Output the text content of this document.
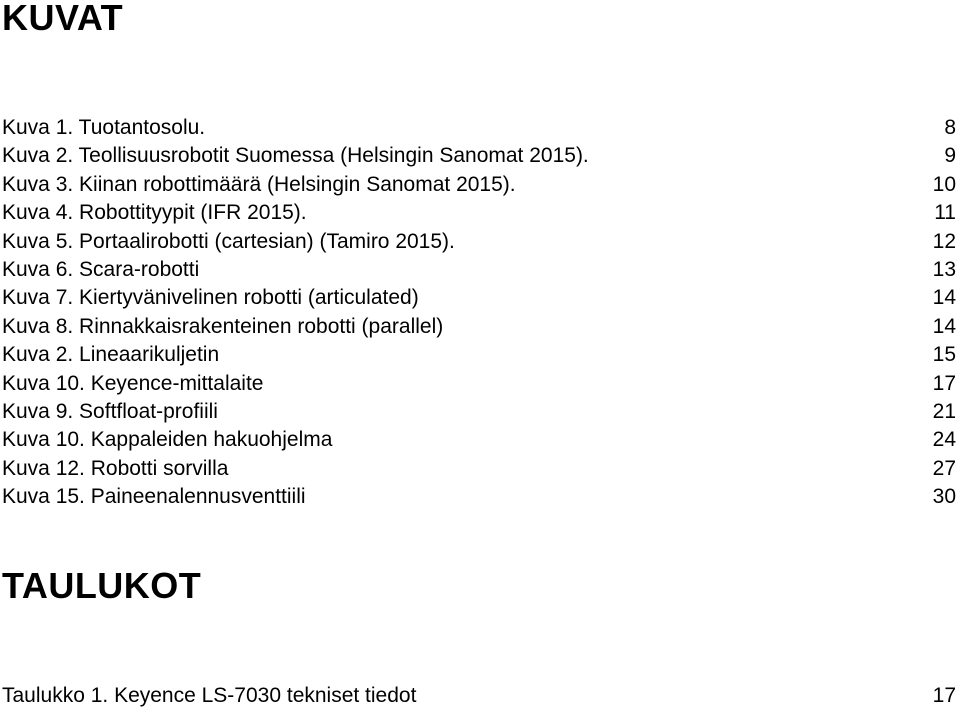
KUVAT
Kuva 1. Tuotantosolu.	8
Kuva 2. Teollisuusrobotit Suomessa (Helsingin Sanomat 2015).	9
Kuva 3. Kiinan robottimäärä (Helsingin Sanomat 2015).	10
Kuva 4. Robottityypit (IFR 2015).	11
Kuva 5. Portaalirobotti (cartesian) (Tamiro 2015).	12
Kuva 6. Scara-robotti	13
Kuva 7. Kiertyvänivelinen robotti (articulated)	14
Kuva 8. Rinnakkaisrakenteinen robotti (parallel)	14
Kuva 2. Lineaarikuljetin	15
Kuva 10. Keyence-mittalaite	17
Kuva 9. Softfloat-profiili	21
Kuva 10. Kappaleiden hakuohjelma	24
Kuva 12. Robotti sorvilla	27
Kuva 15. Paineenalennusventtiili	30
TAULUKOT
Taulukko 1. Keyence LS-7030 tekniset tiedot	17
